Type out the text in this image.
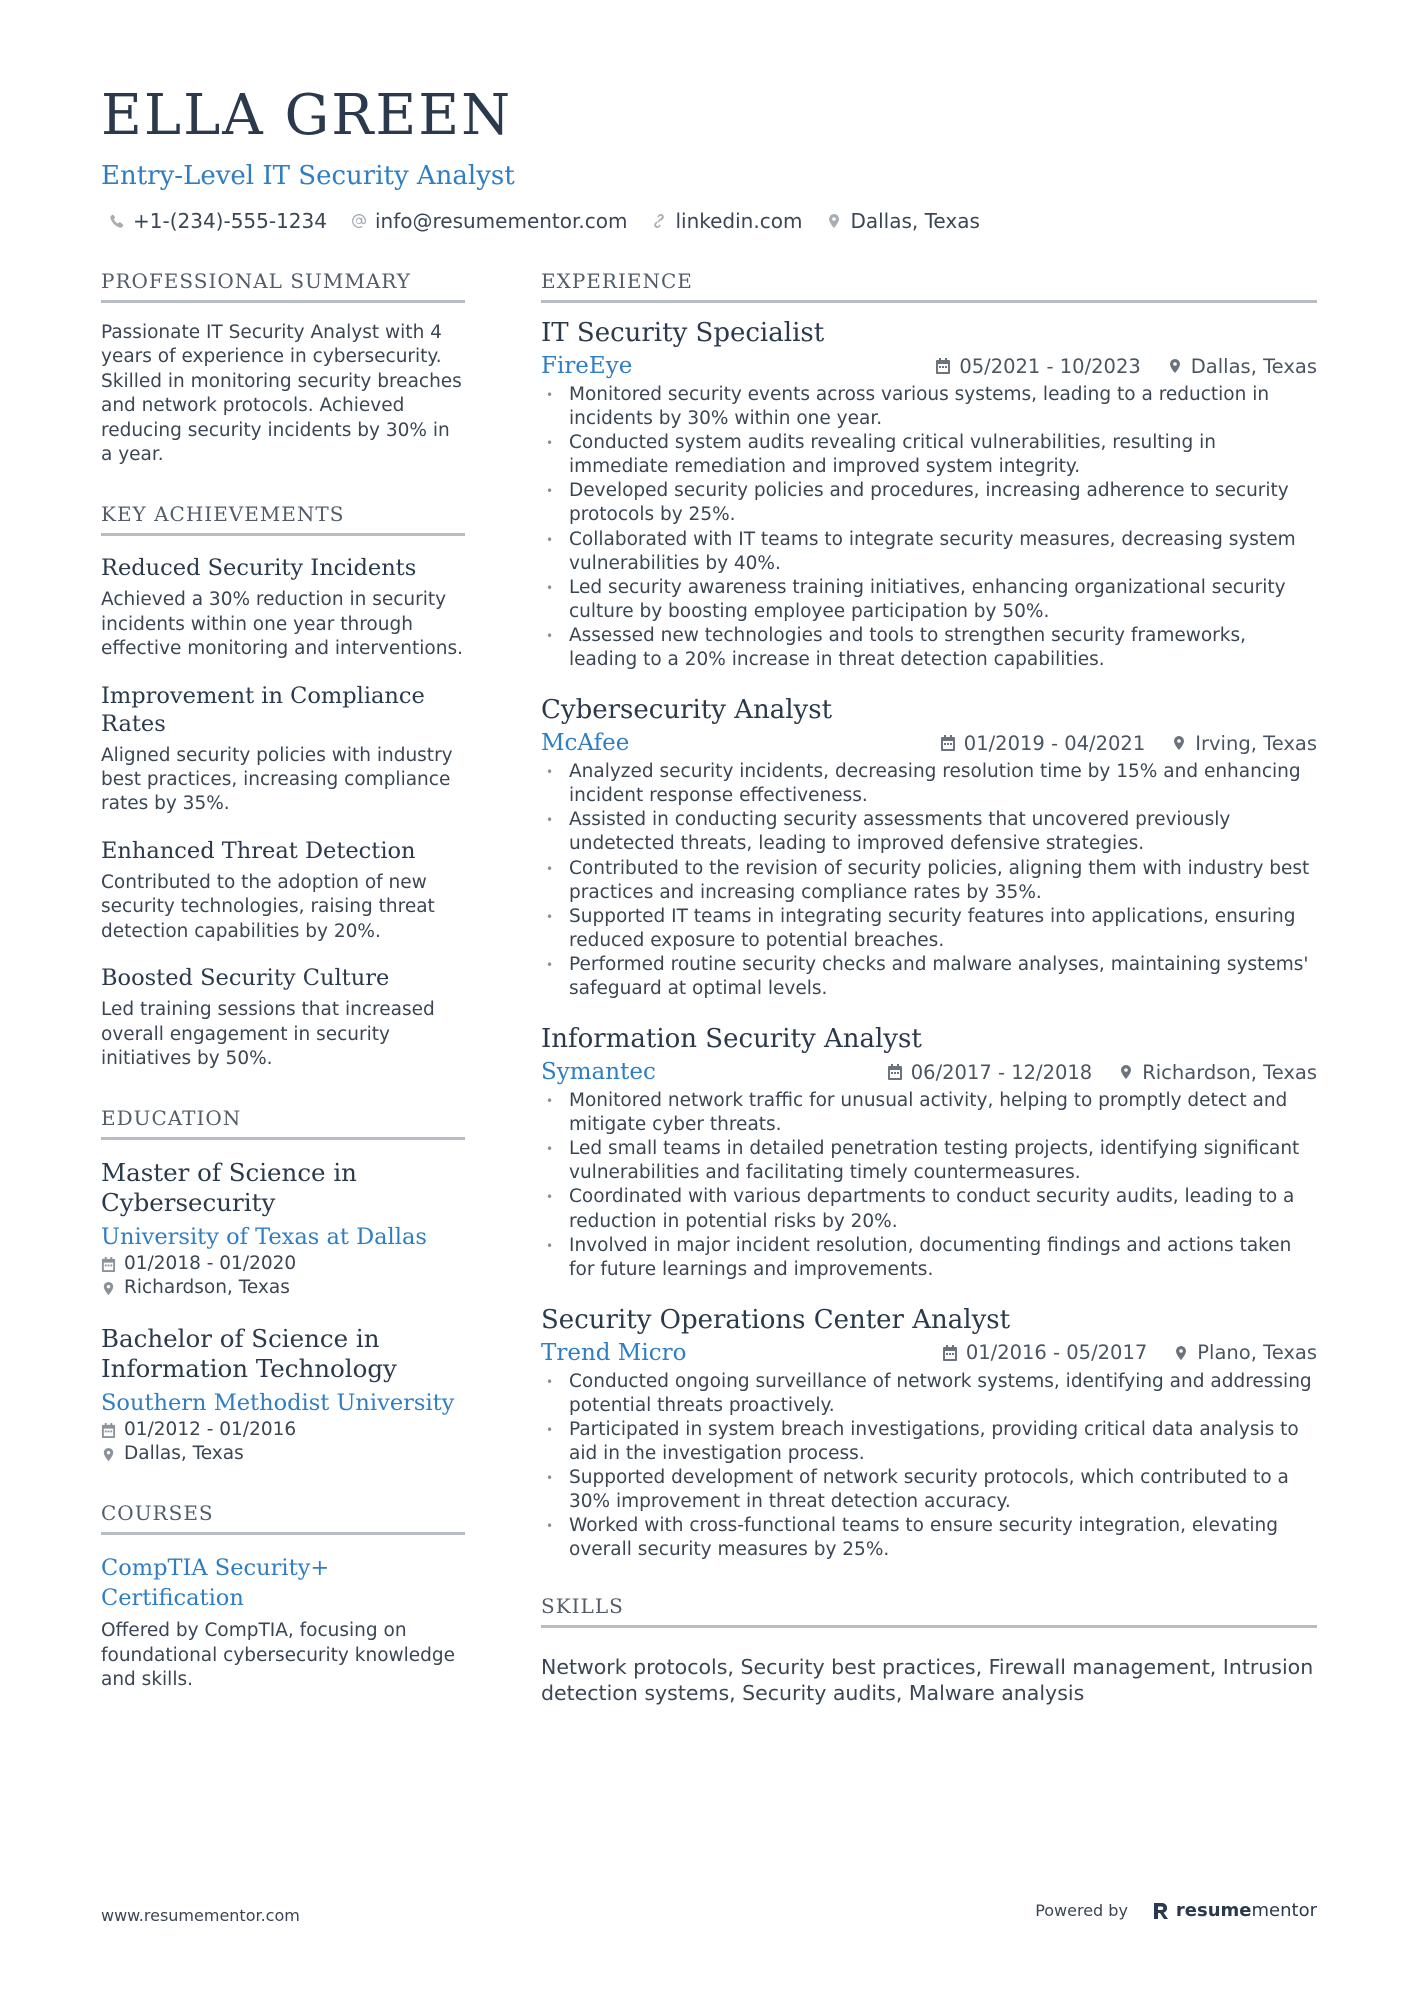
ELLA GREEN
Entry-Level IT Security Analyst
+1-(234)-555-1234 info@resumementor.com linkedin.com Dallas, Texas
PROFESSIONAL SUMMARY
Passionate IT Security Analyst with 4 years of experience in cybersecurity. Skilled in monitoring security breaches and network protocols. Achieved reducing security incidents by 30% in a year.
KEY ACHIEVEMENTS
Reduced Security Incidents
Achieved a 30% reduction in security incidents within one year through effective monitoring and interventions.
Improvement in Compliance Rates
Aligned security policies with industry best practices, increasing compliance rates by 35%.
Enhanced Threat Detection
Contributed to the adoption of new security technologies, raising threat detection capabilities by 20%.
Boosted Security Culture
Led training sessions that increased overall engagement in security initiatives by 50%.
EDUCATION
Master of Science in Cybersecurity
University of Texas at Dallas
01/2018 - 01/2020
Richardson, Texas
Bachelor of Science in Information Technology
Southern Methodist University
01/2012 - 01/2016
Dallas, Texas
COURSES
CompTIA Security+ Certification
Offered by CompTIA, focusing on foundational cybersecurity knowledge and skills.
EXPERIENCE
IT Security Specialist
FireEye	05/2021 - 10/2023	Dallas, Texas
• Monitored security events across various systems, leading to a reduction in incidents by 30% within one year.
• Conducted system audits revealing critical vulnerabilities, resulting in immediate remediation and improved system integrity.
• Developed security policies and procedures, increasing adherence to security protocols by 25%.
• Collaborated with IT teams to integrate security measures, decreasing system vulnerabilities by 40%.
• Led security awareness training initiatives, enhancing organizational security culture by boosting employee participation by 50%.
• Assessed new technologies and tools to strengthen security frameworks, leading to a 20% increase in threat detection capabilities.
Cybersecurity Analyst
McAfee	01/2019 - 04/2021	Irving, Texas
• Analyzed security incidents, decreasing resolution time by 15% and enhancing incident response effectiveness.
• Assisted in conducting security assessments that uncovered previously undetected threats, leading to improved defensive strategies.
• Contributed to the revision of security policies, aligning them with industry best practices and increasing compliance rates by 35%.
• Supported IT teams in integrating security features into applications, ensuring reduced exposure to potential breaches.
• Performed routine security checks and malware analyses, maintaining systems' safeguard at optimal levels.
Information Security Analyst
Symantec	06/2017 - 12/2018	Richardson, Texas
• Monitored network traffic for unusual activity, helping to promptly detect and mitigate cyber threats.
• Led small teams in detailed penetration testing projects, identifying significant vulnerabilities and facilitating timely countermeasures.
• Coordinated with various departments to conduct security audits, leading to a reduction in potential risks by 20%.
• Involved in major incident resolution, documenting findings and actions taken for future learnings and improvements.
Security Operations Center Analyst
Trend Micro	01/2016 - 05/2017	Plano, Texas
• Conducted ongoing surveillance of network systems, identifying and addressing potential threats proactively.
• Participated in system breach investigations, providing critical data analysis to aid in the investigation process.
• Supported development of network security protocols, which contributed to a 30% improvement in threat detection accuracy.
• Worked with cross-functional teams to ensure security integration, elevating overall security measures by 25%.
SKILLS
Network protocols, Security best practices, Firewall management, Intrusion detection systems, Security audits, Malware analysis
www.resumementor.com	Powered by	resumementor
